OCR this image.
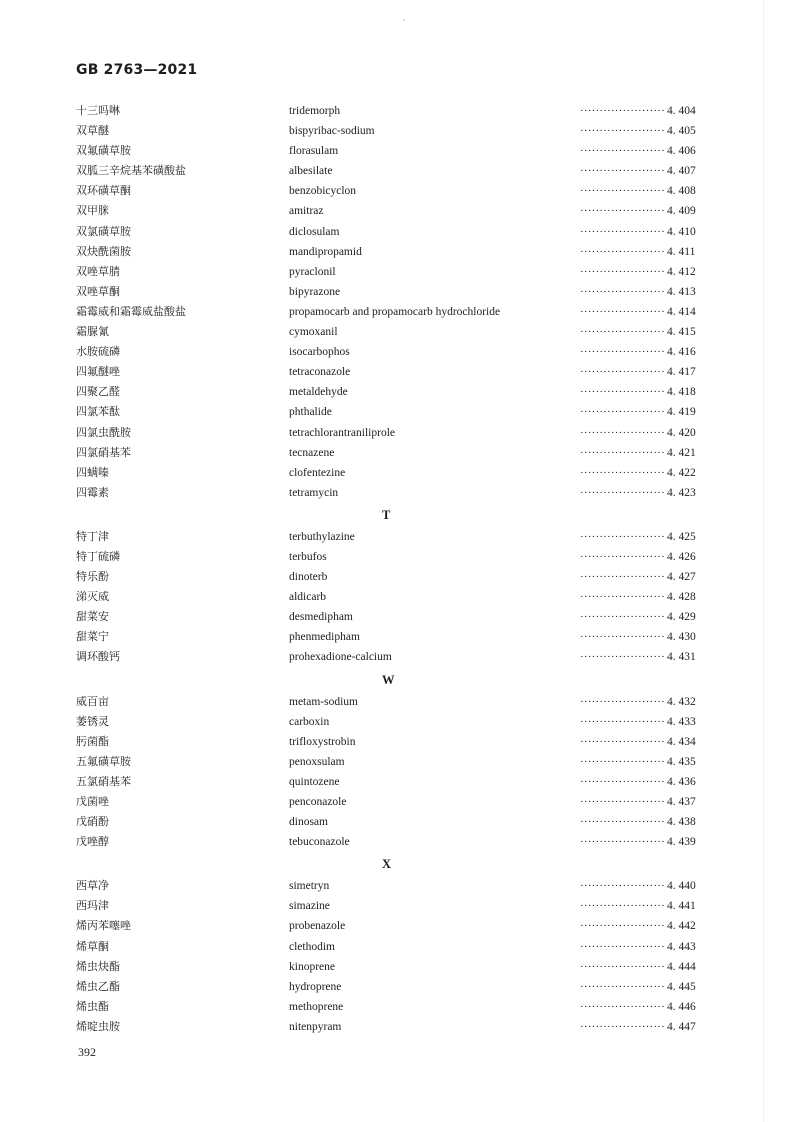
·
GB 2763—2021
十三吗啉	tridemorph	······················ 4. 404
双草醚	bispyribac-sodium	······················ 4. 405
双氟磺草胺	florasulam	······················ 4. 406
双胍三辛烷基苯磺酸盐	albesilate	······················ 4. 407
双环磺草酮	benzobicyclon	······················ 4. 408
双甲脒	amitraz	······················ 4. 409
双氯磺草胺	diclosulam	······················ 4. 410
双炔酰菌胺	mandipropamid	······················ 4. 411
双唑草腈	pyraclonil	······················ 4. 412
双唑草酮	bipyrazone	······················ 4. 413
霜霉威和霜霉威盐酸盐	propamocarb and propamocarb hydrochloride	······················ 4. 414
霜脲氰	cymoxanil	······················ 4. 415
水胺硫磷	isocarbophos	······················ 4. 416
四氟醚唑	tetraconazole	······················ 4. 417
四聚乙醛	metaldehyde	······················ 4. 418
四氯苯酞	phthalide	······················ 4. 419
四氯虫酰胺	tetrachlorantraniliprole	······················ 4. 420
四氯硝基苯	tecnazene	······················ 4. 421
四螨嗪	clofentezine	······················ 4. 422
四霉素	tetramycin	······················ 4. 423
T
特丁津	terbuthylazine	······················ 4. 425
特丁硫磷	terbufos	······················ 4. 426
特乐酚	dinoterb	······················ 4. 427
涕灭威	aldicarb	······················ 4. 428
甜菜安	desmedipham	······················ 4. 429
甜菜宁	phenmedipham	······················ 4. 430
调环酸钙	prohexadione-calcium	······················ 4. 431
W
威百亩	metam-sodium	······················ 4. 432
萎锈灵	carboxin	······················ 4. 433
肟菌酯	trifloxystrobin	······················ 4. 434
五氟磺草胺	penoxsulam	······················ 4. 435
五氯硝基苯	quintozene	······················ 4. 436
戊菌唑	penconazole	······················ 4. 437
戊硝酚	dinosam	······················ 4. 438
戊唑醇	tebuconazole	······················ 4. 439
X
西草净	simetryn	······················ 4. 440
西玛津	simazine	······················ 4. 441
烯丙苯噻唑	probenazole	······················ 4. 442
烯草酮	clethodim	······················ 4. 443
烯虫炔酯	kinoprene	······················ 4. 444
烯虫乙酯	hydroprene	······················ 4. 445
烯虫酯	methoprene	······················ 4. 446
烯啶虫胺	nitenpyram	······················ 4. 447
392
